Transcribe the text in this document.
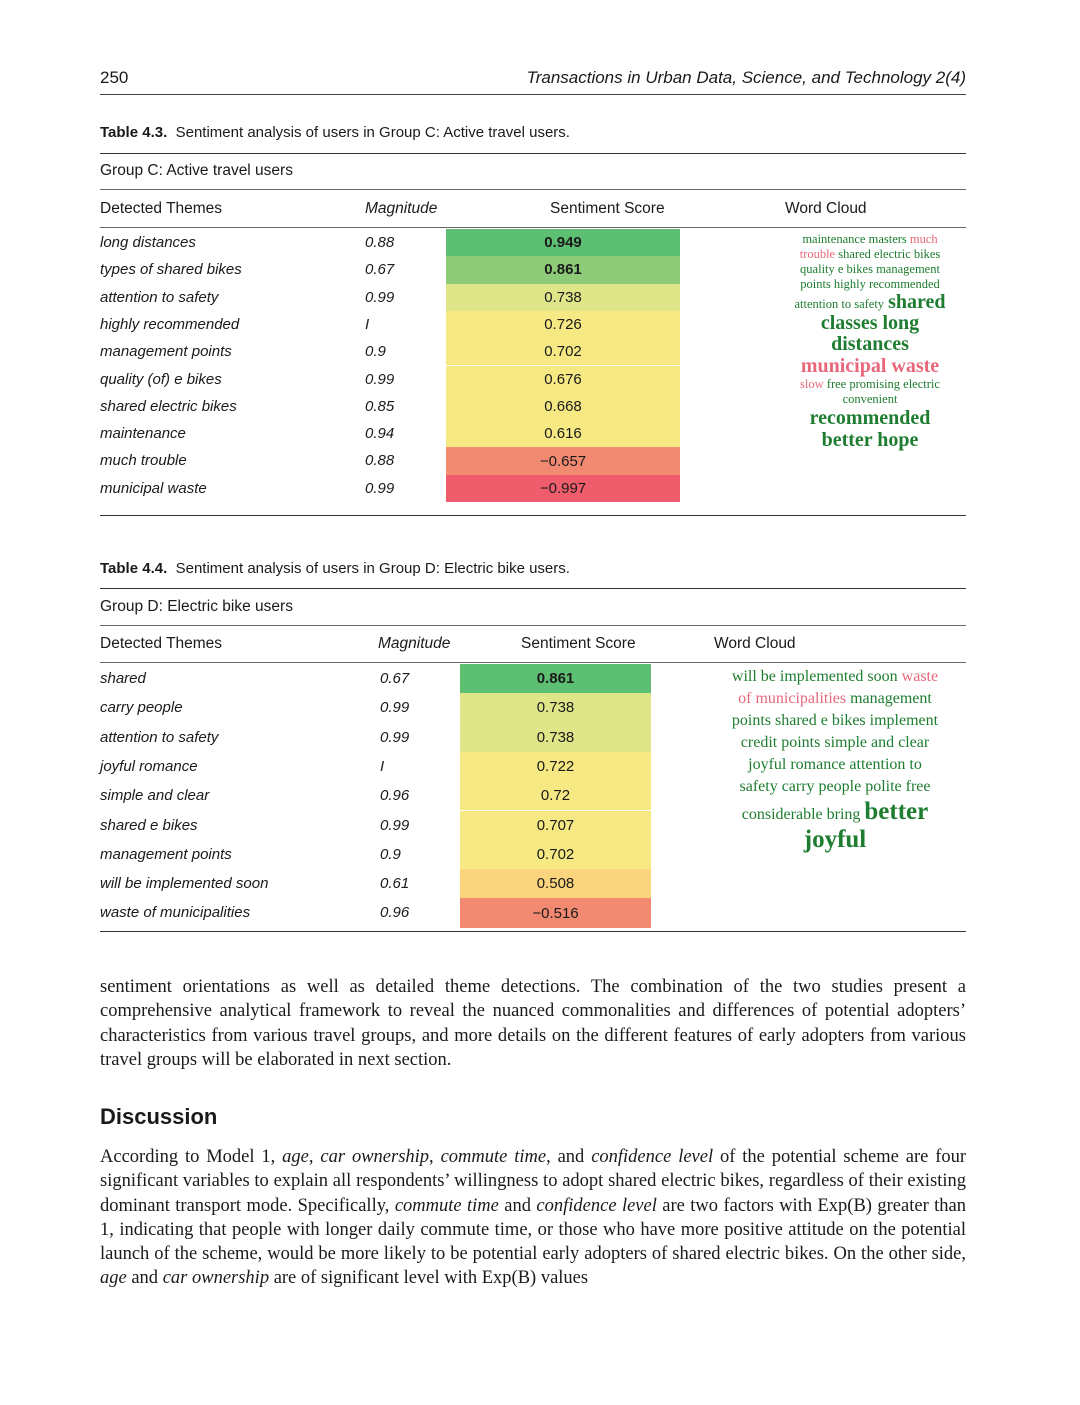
250	Transactions in Urban Data, Science, and Technology 2(4)
Table 4.3. Sentiment analysis of users in Group C: Active travel users.
Group C: Active travel users
Detected Themes	Magnitude	Sentiment Score	Word Cloud
long distances	0.88	0.949
types of shared bikes	0.67	0.861
attention to safety	0.99	0.738
highly recommended	I	0.726
management points	0.9	0.702
quality (of) e bikes	0.99	0.676
shared electric bikes	0.85	0.668
maintenance	0.94	0.616
much trouble	0.88	−0.657
municipal waste	0.99	−0.997
maintenance masters much
trouble shared electric bikes
quality e bikes management
points highly recommended
attention to safety shared
classes long
distances
municipal waste
slow free promising electric
convenient
recommended
better hope
Table 4.4. Sentiment analysis of users in Group D: Electric bike users.
Group D: Electric bike users
Detected Themes	Magnitude	Sentiment Score	Word Cloud
shared	0.67	0.861
carry people	0.99	0.738
attention to safety	0.99	0.738
joyful romance	I	0.722
simple and clear	0.96	0.72
shared e bikes	0.99	0.707
management points	0.9	0.702
will be implemented soon	0.61	0.508
waste of municipalities	0.96	−0.516
will be implemented soon waste
of municipalities management
points shared e bikes implement
credit points simple and clear
joyful romance attention to
safety carry people polite free
considerable bring better
joyful
sentiment orientations as well as detailed theme detections. The combination of the two studies present a comprehensive analytical framework to reveal the nuanced commonalities and differences of potential adopters’ characteristics from various travel groups, and more details on the different features of early adopters from various travel groups will be elaborated in next section.
Discussion
According to Model 1, age, car ownership, commute time, and confidence level of the potential scheme are four significant variables to explain all respondents’ willingness to adopt shared electric bikes, regardless of their existing dominant transport mode. Specifically, commute time and confidence level are two factors with Exp(B) greater than 1, indicating that people with longer daily commute time, or those who have more positive attitude on the potential launch of the scheme, would be more likely to be potential early adopters of shared electric bikes. On the other side, age and car ownership are of significant level with Exp(B) values
